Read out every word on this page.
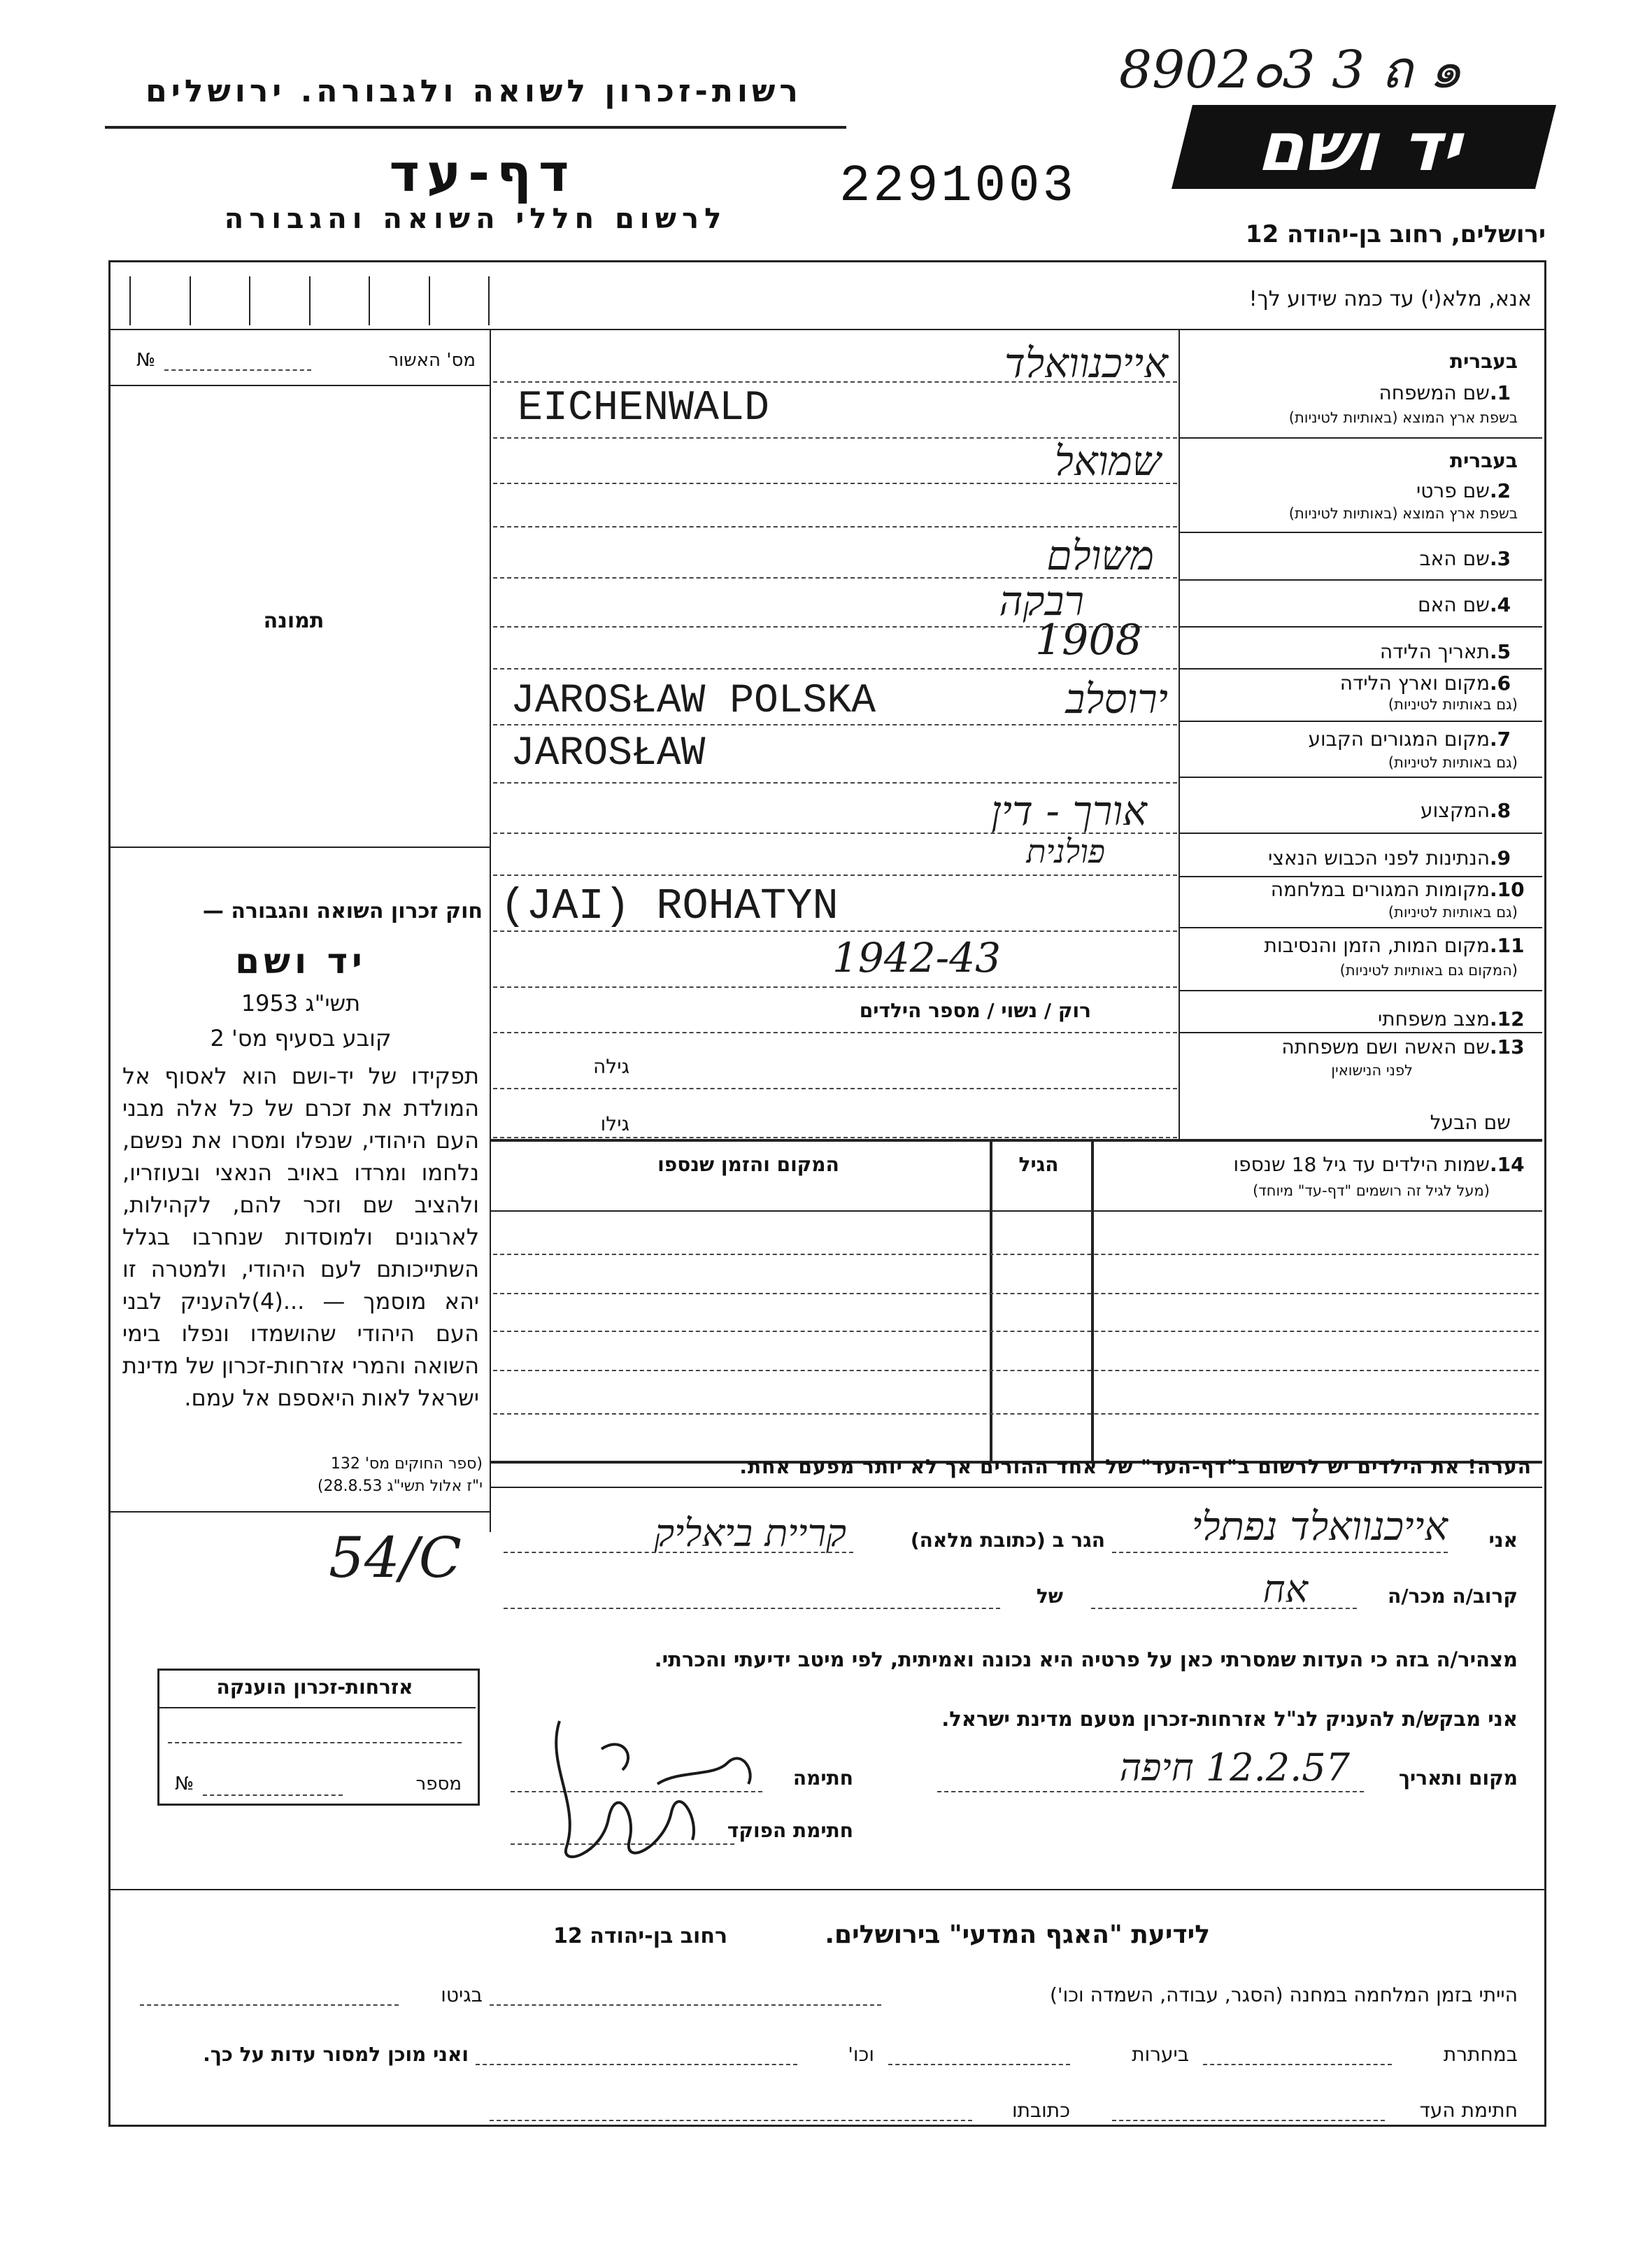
8902๐3 3 ถ ๑
רשות-זכרון לשואה ולגבורה. ירושלים
דף-עד
לרשום חללי השואה והגבורה
2291003
יד ושם
ירושלים, רחוב בן-יהודה 12
אנא, מלא(י) עד כמה שידוע לך!
מס' האשור
№
תמונה
חוק זכרון השואה והגבורה —
יד ושם
תשי"ג 1953
קובע בסעיף מס' 2
תפקידו של יד-ושם הוא לאסוף אל המולדת את זכרם של כל אלה מבני העם היהודי, שנפלו ומסרו את נפשם, נלחמו ומרדו באויב הנאצי ובעוזריו, ולהציב שם וזכר להם, לקהילות, לארגונים ולמוסדות שנחרבו בגלל השתייכותם לעם היהודי, ולמטרה זו יהא מוסמך — ...(4)להעניק לבני העם היהודי שהושמדו ונפלו בימי השואה והמרי אזרחות-זכרון של מדינת ישראל לאות היאספם אל עמם.
(ספר החוקים מס' 132
י"ז אלול תשי"ג 28.8.53)
בעברית
שם המשפחה 1.
בשפת ארץ המוצא (באותיות לטיניות)
אייכנוואלד
EICHENWALD
בעברית
שם פרטי 2.
בשפת ארץ המוצא (באותיות לטיניות)
שמואל
שם האב 3.
משולם
שם האם 4.
רבקה
תאריך הלידה 5.
1908
מקום וארץ הלידה 6.
(גם באותיות לטיניות)
JAROSŁAW POLSKA	ירוסלב
מקום המגורים הקבוע 7.
(גם באותיות לטיניות)
JAROSŁAW
המקצוע 8.
אורך - דין
הנתינות לפני הכבוש הנאצי 9.
פולנית
מקומות המגורים במלחמה 10.
(גם באותיות לטיניות)
(JAI) ROHATYN
מקום המות, הזמן והנסיבות 11.
(המקום גם באותיות לטיניות)
1942-43
מצב משפחתי 12.
רוק / נשוי / מספר הילדים
שם האשה ושם משפחתה 13.
לפני הנישואין
גילה
שם הבעל
גילו
שמות הילדים עד גיל 18 שנספו 14.
(מעל לגיל זה רושמים "דף-עד" מיוחד)
הגיל
המקום והזמן שנספו
הערה! את הילדים יש לרשום ב"דף-העד" של אחד ההורים אך לא יותר מפעם אחת.
54/C	אני
אייכנוואלד נפתלי
הגר ב (כתובת מלאה)
קריית ביאליק
קרוב/ה מכר/ה
אח
של
מצהיר/ה בזה כי העדות שמסרתי כאן על פרטיה היא נכונה ואמיתית, לפי מיטב ידיעתי והכרתי.
אני מבקש/ת להעניק לנ"ל אזרחות-זכרון מטעם מדינת ישראל.
מקום ותאריך
12.2.57 חיפה
חתימה
חתימת הפוקד
אזרחות-זכרון הוענקה
מספר
№
לידיעת "האגף המדעי" בירושלים.
רחוב בן-יהודה 12
הייתי בזמן המלחמה במחנה (הסגר, עבודה, השמדה וכו')
בגיטו
במחתרת
ביערות
וכו'
ואני מוכן למסור עדות על כך.
חתימת העד
כתובתו
